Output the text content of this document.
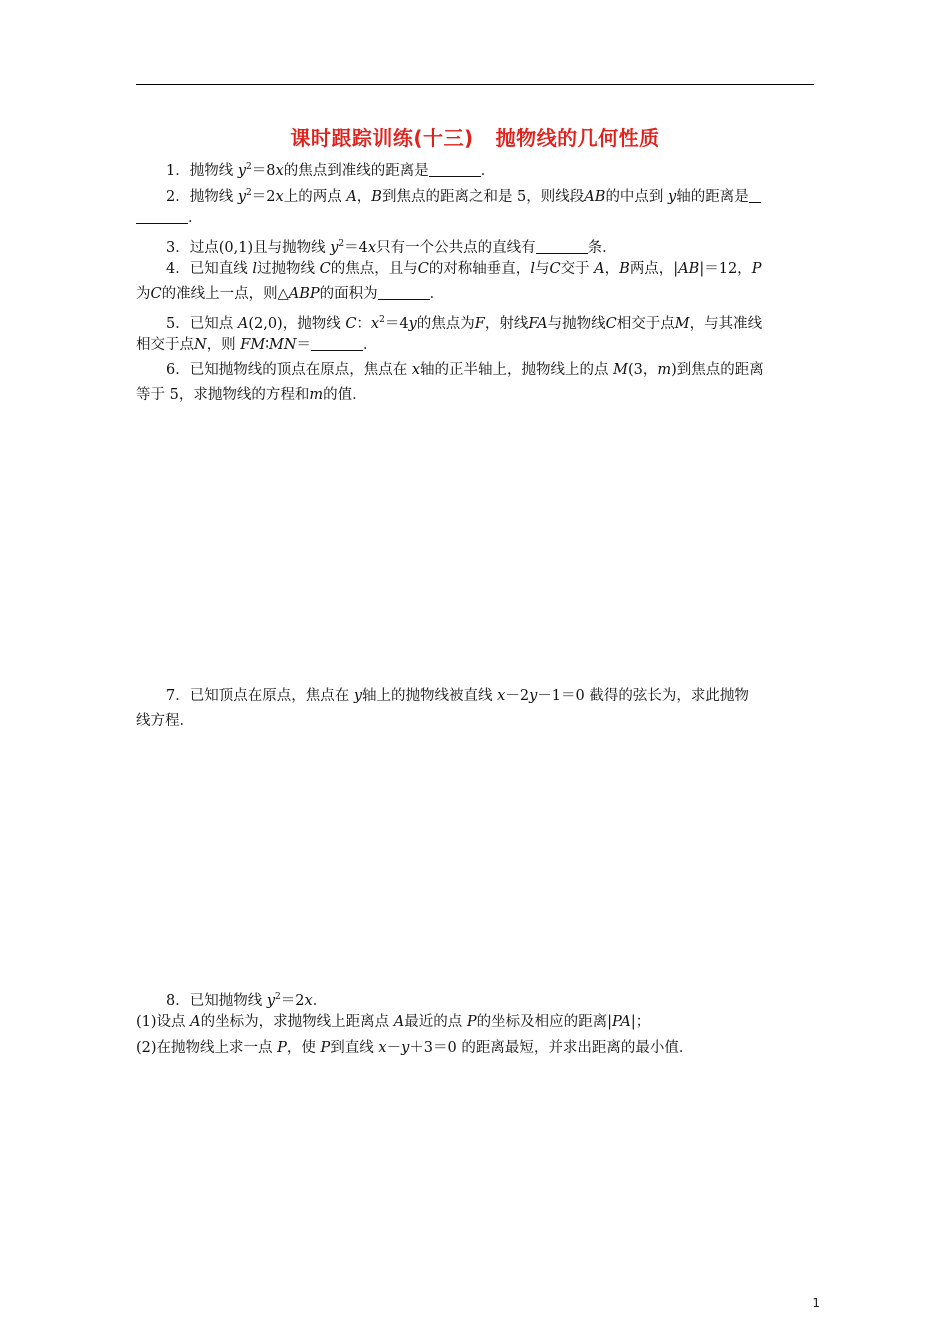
课时跟踪训练(十三) 抛物线的几何性质
1．抛物线 $y^2=8x$的焦点到准线的距离是	．
2．抛物线 $y^2=2x$上的两点 A，B到焦点的距离之和是 5，则线段AB的中点到 y轴的距离是
．
3．过点(0,1)且与抛物线 $y^2=4x$只有一个公共点的直线有	条．
4．已知直线 l过抛物线 C的焦点，且与C的对称轴垂直，l与C交于 A，B两点，|AB|＝12，P
为C的准线上一点，则△ABP的面积为	．
5．已知点 A(2,0)，抛物线 C：$x^2=4y$的焦点为F，射线FA与抛物线C相交于点M，与其准线
相交于点N，则 FM∶MN＝	．
6．已知抛物线的顶点在原点，焦点在 x轴的正半轴上，抛物线上的点 M(3，m)到焦点的距离
等于 5，求抛物线的方程和m的值．
7．已知顶点在原点，焦点在 y轴上的抛物线被直线 x－2y－1＝0 截得的弦长为，求此抛物
线方程．
8．已知抛物线 $y^2=2x$．
(1)设点 A的坐标为，求抛物线上距离点 A最近的点 P的坐标及相应的距离|PA|；
(2)在抛物线上求一点 P，使 P到直线 x－y＋3＝0 的距离最短，并求出距离的最小值．
1
